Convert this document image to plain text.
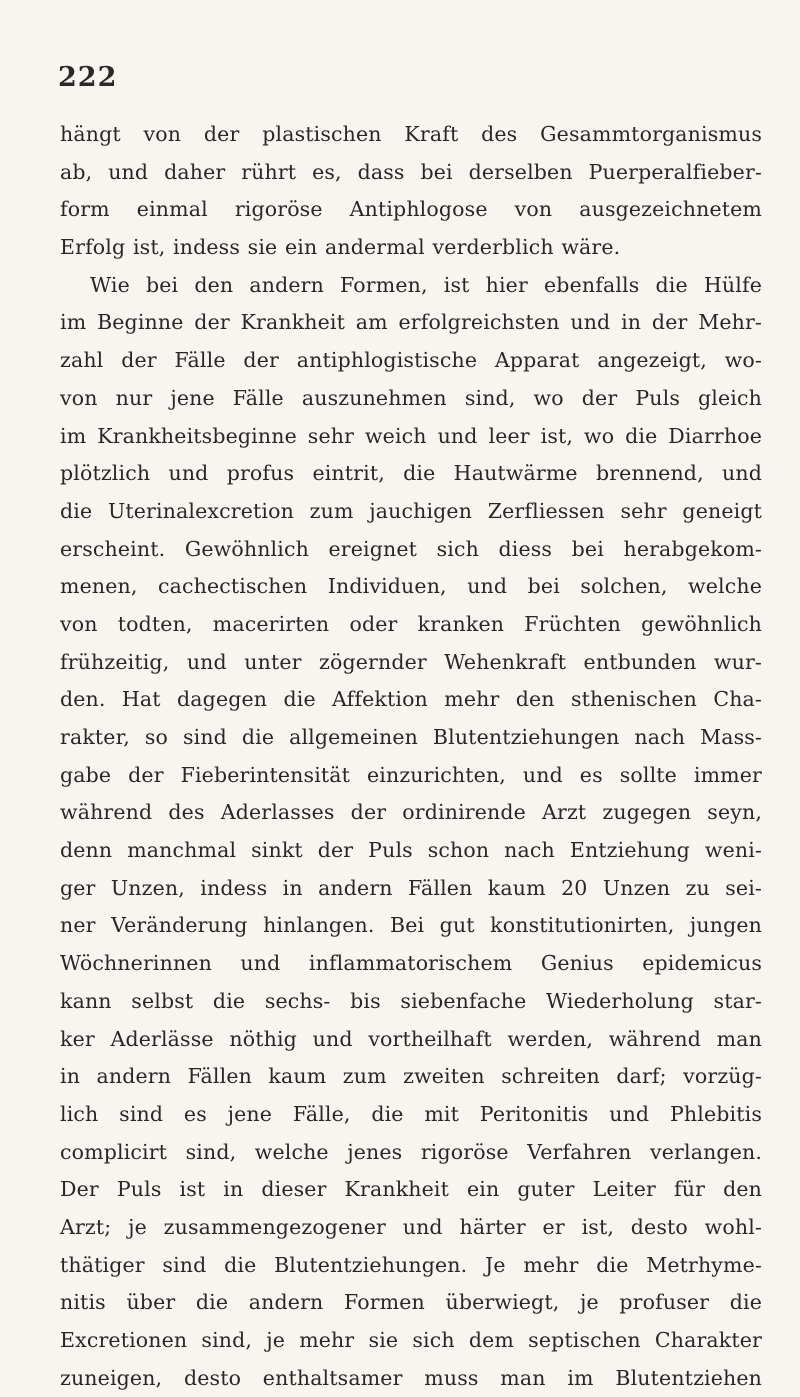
222
hängt von der plastischen Kraft des Gesammtorganismus
ab, und daher rührt es, dass bei derselben Puerperalfieber-
form einmal rigoröse Antiphlogose von ausgezeichnetem
Erfolg ist, indess sie ein andermal verderblich wäre.
Wie bei den andern Formen, ist hier ebenfalls die Hülfe
im Beginne der Krankheit am erfolgreichsten und in der Mehr-
zahl der Fälle der antiphlogistische Apparat angezeigt, wo-
von nur jene Fälle auszunehmen sind, wo der Puls gleich
im Krankheitsbeginne sehr weich und leer ist, wo die Diarrhoe
plötzlich und profus eintrit, die Hautwärme brennend, und
die Uterinalexcretion zum jauchigen Zerfliessen sehr geneigt
erscheint. Gewöhnlich ereignet sich diess bei herabgekom-
menen, cachectischen Individuen, und bei solchen, welche
von todten, macerirten oder kranken Früchten gewöhnlich
frühzeitig, und unter zögernder Wehenkraft entbunden wur-
den. Hat dagegen die Affektion mehr den sthenischen Cha-
rakter, so sind die allgemeinen Blutentziehungen nach Mass-
gabe der Fieberintensität einzurichten, und es sollte immer
während des Aderlasses der ordinirende Arzt zugegen seyn,
denn manchmal sinkt der Puls schon nach Entziehung weni-
ger Unzen, indess in andern Fällen kaum 20 Unzen zu sei-
ner Veränderung hinlangen. Bei gut konstitutionirten, jungen
Wöchnerinnen und inflammatorischem Genius epidemicus
kann selbst die sechs- bis siebenfache Wiederholung star-
ker Aderlässe nöthig und vortheilhaft werden, während man
in andern Fällen kaum zum zweiten schreiten darf; vorzüg-
lich sind es jene Fälle, die mit Peritonitis und Phlebitis
complicirt sind, welche jenes rigoröse Verfahren verlangen.
Der Puls ist in dieser Krankheit ein guter Leiter für den
Arzt; je zusammengezogener und härter er ist, desto wohl-
thätiger sind die Blutentziehungen. Je mehr die Metrhyme-
nitis über die andern Formen überwiegt, je profuser die
Excretionen sind, je mehr sie sich dem septischen Charakter
zuneigen, desto enthaltsamer muss man im Blutentziehen
